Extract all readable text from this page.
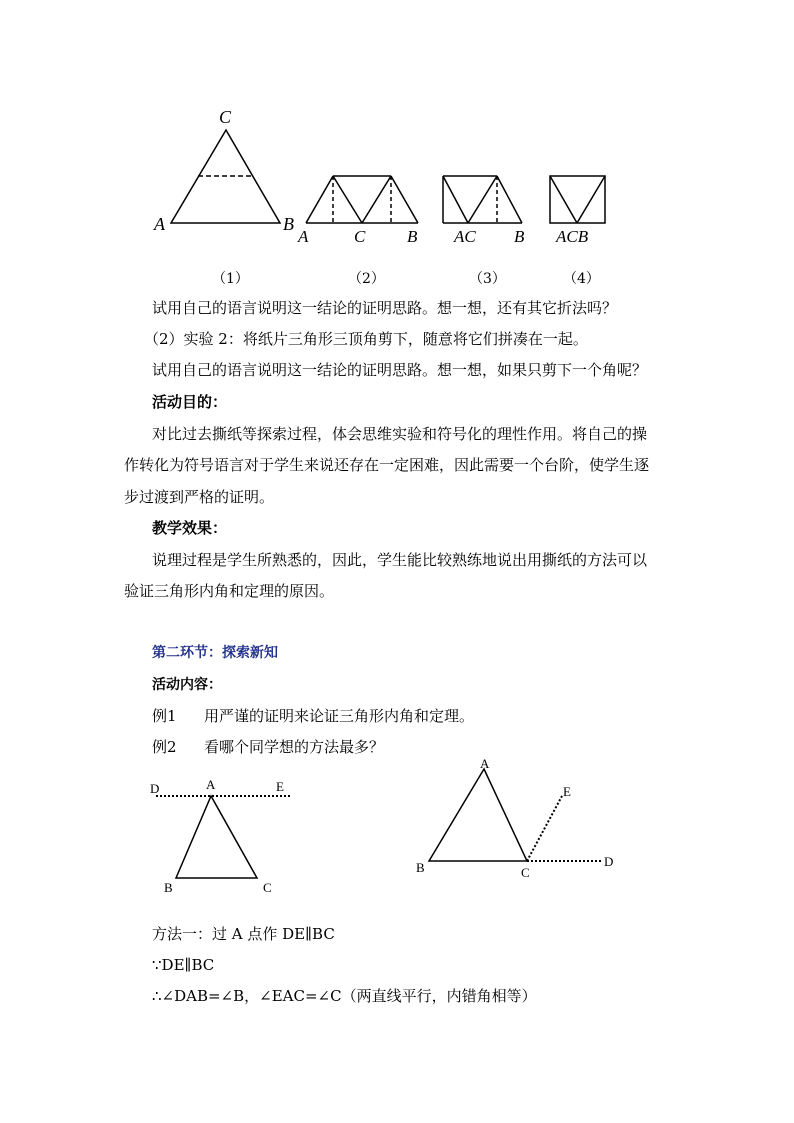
C
A	B
A	C B AC B ACB
（1）	（2）	（3）	（4）
试用自己的语言说明这一结论的证明思路。想一想，还有其它折法吗？
（2）实验 2：将纸片三角形三顶角剪下，随意将它们拼凑在一起。
试用自己的语言说明这一结论的证明思路。想一想，如果只剪下一个角呢？
活动目的：
对比过去撕纸等探索过程，体会思维实验和符号化的理性作用。将自己的操
作转化为符号语言对于学生来说还存在一定困难，因此需要一个台阶，使学生逐
步过渡到严格的证明。
教学效果：
说理过程是学生所熟悉的，因此，学生能比较熟练地说出用撕纸的方法可以
验证三角形内角和定理的原因。
第二环节：探索新知
活动内容：
例1 用严谨的证明来论证三角形内角和定理。
例2 看哪个同学想的方法最多？
D	A	E
B	C
A
E
B	C
D
方法一：过 A 点作 DE∥BC
∵DE∥BC
∴∠DAB=∠B，∠EAC=∠C（两直线平行，内错角相等）
